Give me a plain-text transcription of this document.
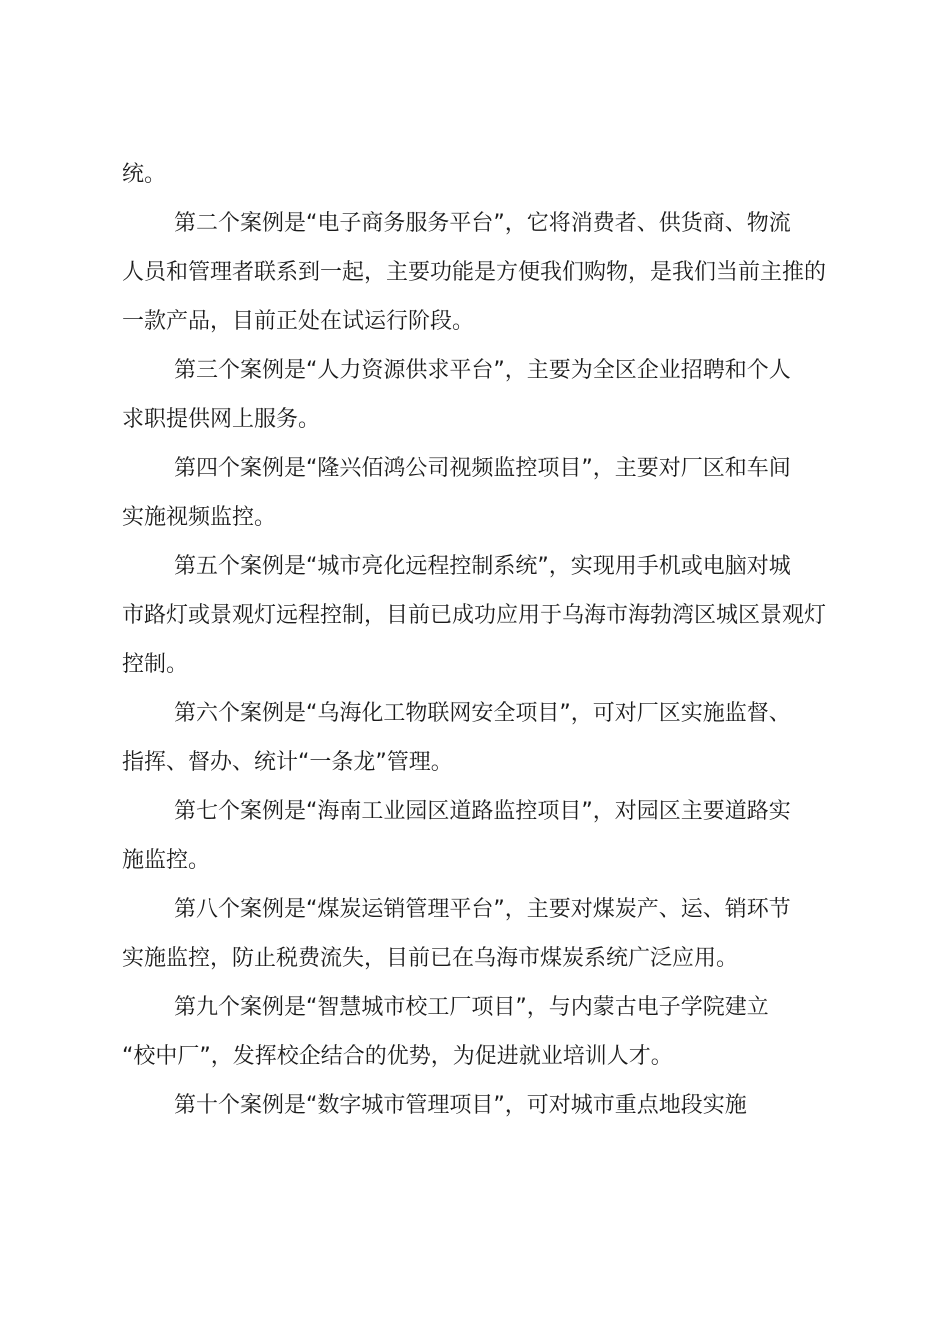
统。
第二个案例是“电子商务服务平台”，它将消费者、供货商、物流
人员和管理者联系到一起，主要功能是方便我们购物，是我们当前主推的
一款产品，目前正处在试运行阶段。
第三个案例是“人力资源供求平台”，主要为全区企业招聘和个人
求职提供网上服务。
第四个案例是“隆兴佰鸿公司视频监控项目”，主要对厂区和车间
实施视频监控。
第五个案例是“城市亮化远程控制系统”，实现用手机或电脑对城
市路灯或景观灯远程控制，目前已成功应用于乌海市海勃湾区城区景观灯
控制。
第六个案例是“乌海化工物联网安全项目”，可对厂区实施监督、
指挥、督办、统计“一条龙”管理。
第七个案例是“海南工业园区道路监控项目”，对园区主要道路实
施监控。
第八个案例是“煤炭运销管理平台”，主要对煤炭产、运、销环节
实施监控，防止税费流失，目前已在乌海市煤炭系统广泛应用。
第九个案例是“智慧城市校工厂项目”，与内蒙古电子学院建立
“校中厂”，发挥校企结合的优势，为促进就业培训人才。
第十个案例是“数字城市管理项目”，可对城市重点地段实施
